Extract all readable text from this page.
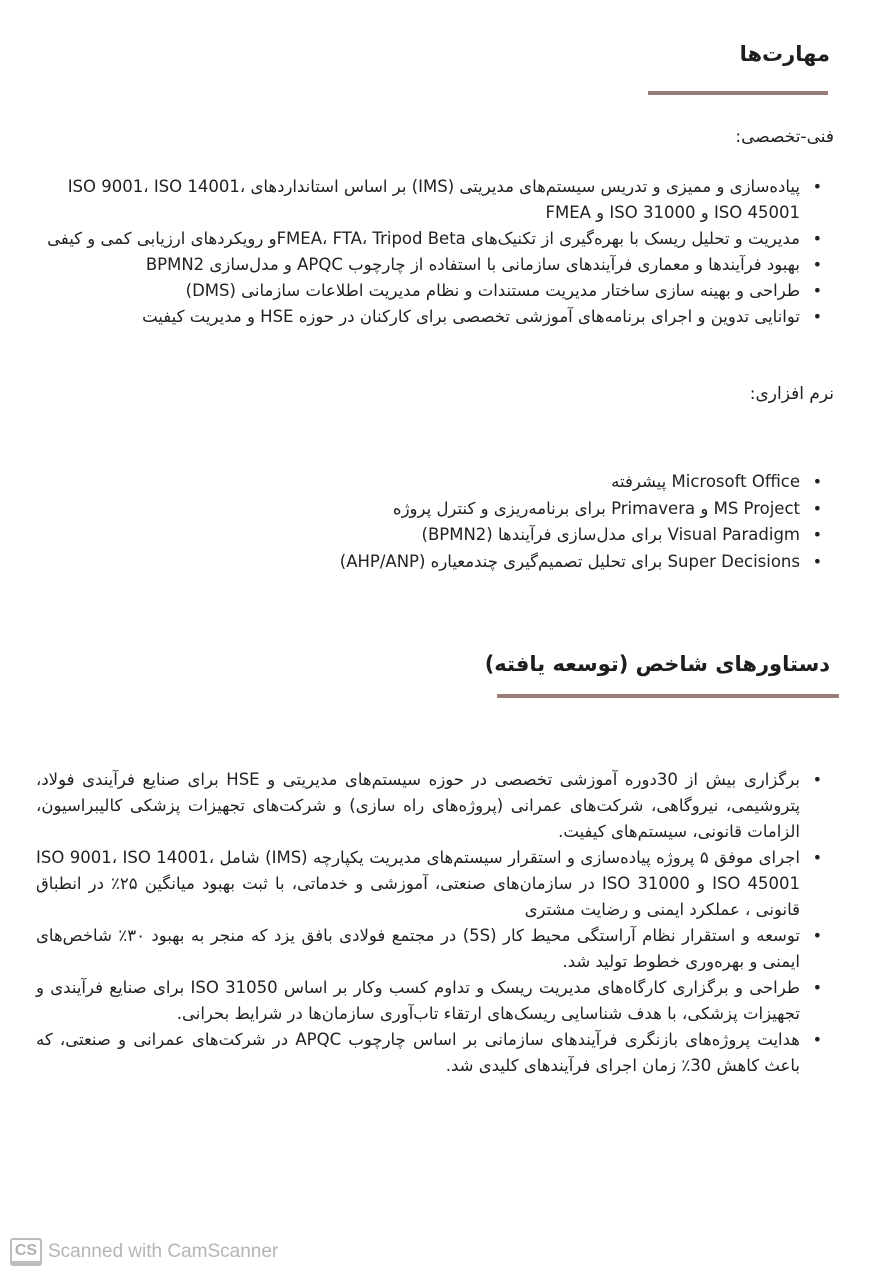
مهارت‌ها
فنی-تخصصی:
• پیاده‌سازی و ممیزی و تدریس سیستم‌های مدیریتی (IMS) بر اساس استانداردهای ISO 9001، ISO 14001، ISO 45001 و ISO 31000 و FMEA
• مدیریت و تحلیل ریسک با بهره‌گیری از تکنیک‌های FMEA، FTA، Tripod Betaو رویکردهای ارزیابی کمی و کیفی
• بهبود فرآیندها و معماری فرآیندهای سازمانی با استفاده از چارچوب APQC و مدل‌سازی BPMN2
• طراحی و بهینه سازی ساختار مدیریت مستندات و نظام مدیریت اطلاعات سازمانی (DMS)
• توانایی تدوین و اجرای برنامه‌های آموزشی تخصصی برای کارکنان در حوزه HSE و مدیریت کیفیت
نرم افزاری:
• Microsoft Office پیشرفته
• MS Project و Primavera برای برنامه‌ریزی و کنترل پروژه
• Visual Paradigm برای مدل‌سازی فرآیندها (BPMN2)
• Super Decisions برای تحلیل تصمیم‌گیری چندمعیاره (AHP/ANP)
دستاورهای شاخص (توسعه یافته)
• برگزاری بیش از 30دوره آموزشی تخصصی در حوزه سیستم‌های مدیریتی و HSE برای صنایع فرآیندی فولاد، پتروشیمی، نیروگاهی، شرکت‌های عمرانی (پروژه‌های راه سازی) و شرکت‌های تجهیزات پزشکی کالیبراسیون، الزامات قانونی، سیستم‌های کیفیت.
• اجرای موفق ۵ پروژه پیاده‌سازی و استقرار سیستم‌های مدیریت یکپارچه (IMS) شامل ISO 9001، ISO 14001، ISO 45001 و ISO 31000 در سازمان‌های صنعتی، آموزشی و خدماتی، با ثبت بهبود میانگین ۲۵٪ در انطباق قانونی ، عملکرد ایمنی و رضایت مشتری
• توسعه و استقرار نظام آراستگی محیط کار (5S) در مجتمع فولادی بافق یزد که منجر به بهبود ۳۰٪ شاخص‌های ایمنی و بهره‌وری خطوط تولید شد.
• طراحی و برگزاری کارگاه‌های مدیریت ریسک و تداوم کسب وکار بر اساس ISO 31050 برای صنایع فرآیندی و تجهیزات پزشکی، با هدف شناسایی ریسک‌های ارتقاء تاب‌آوری سازمان‌ها در شرایط بحرانی.
• هدایت پروژه‌های بازنگری فرآیندهای سازمانی بر اساس چارچوب APQC در شرکت‌های عمرانی و صنعتی، که باعث کاهش 30٪ زمان اجرای فرآیندهای کلیدی شد.
CS Scanned with CamScanner
